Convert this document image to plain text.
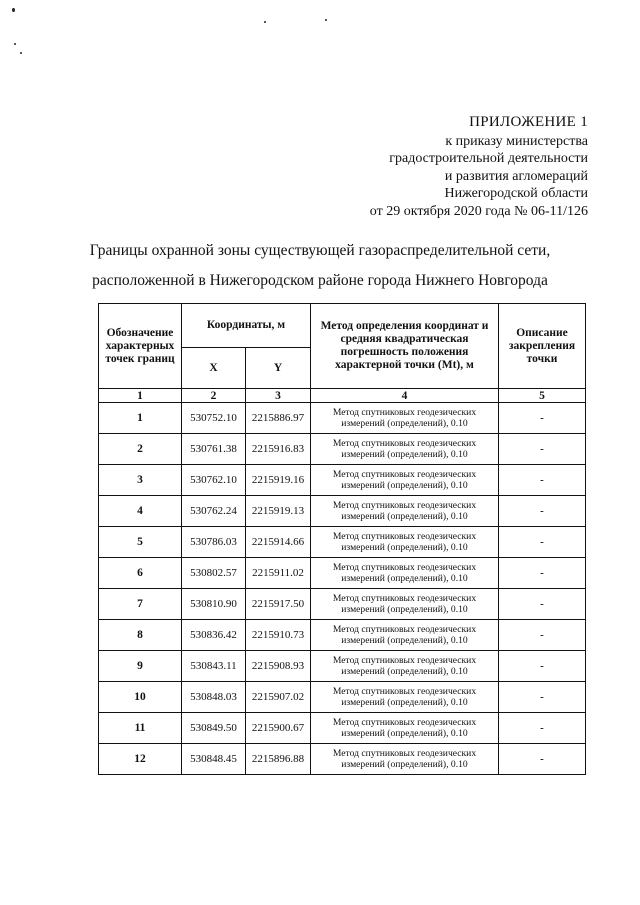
ПРИЛОЖЕНИЕ 1
к приказу министерства
градостроительной деятельности
и развития агломераций
Нижегородской области
от 29 октября 2020 года № 06-11/126
Границы охранной зоны существующей газораспределительной сети,
расположенной в Нижегородском районе города Нижнего Новгорода
Обозначение характерных точек границ	Координаты, м		Метод определения координат и средняя квадратическая погрешность положения характерной точки (Mt), м	Описание закрепления точки
	X	Y		
1	2	3	4	5
1	530752.10	2215886.97	Метод спутниковых геодезических измерений (определений), 0.10	-
2	530761.38	2215916.83	Метод спутниковых геодезических измерений (определений), 0.10	-
3	530762.10	2215919.16	Метод спутниковых геодезических измерений (определений), 0.10	-
4	530762.24	2215919.13	Метод спутниковых геодезических измерений (определений), 0.10	-
5	530786.03	2215914.66	Метод спутниковых геодезических измерений (определений), 0.10	-
6	530802.57	2215911.02	Метод спутниковых геодезических измерений (определений), 0.10	-
7	530810.90	2215917.50	Метод спутниковых геодезических измерений (определений), 0.10	-
8	530836.42	2215910.73	Метод спутниковых геодезических измерений (определений), 0.10	-
9	530843.11	2215908.93	Метод спутниковых геодезических измерений (определений), 0.10	-
10	530848.03	2215907.02	Метод спутниковых геодезических измерений (определений), 0.10	-
11	530849.50	2215900.67	Метод спутниковых геодезических измерений (определений), 0.10	-
12	530848.45	2215896.88	Метод спутниковых геодезических измерений (определений), 0.10	-
